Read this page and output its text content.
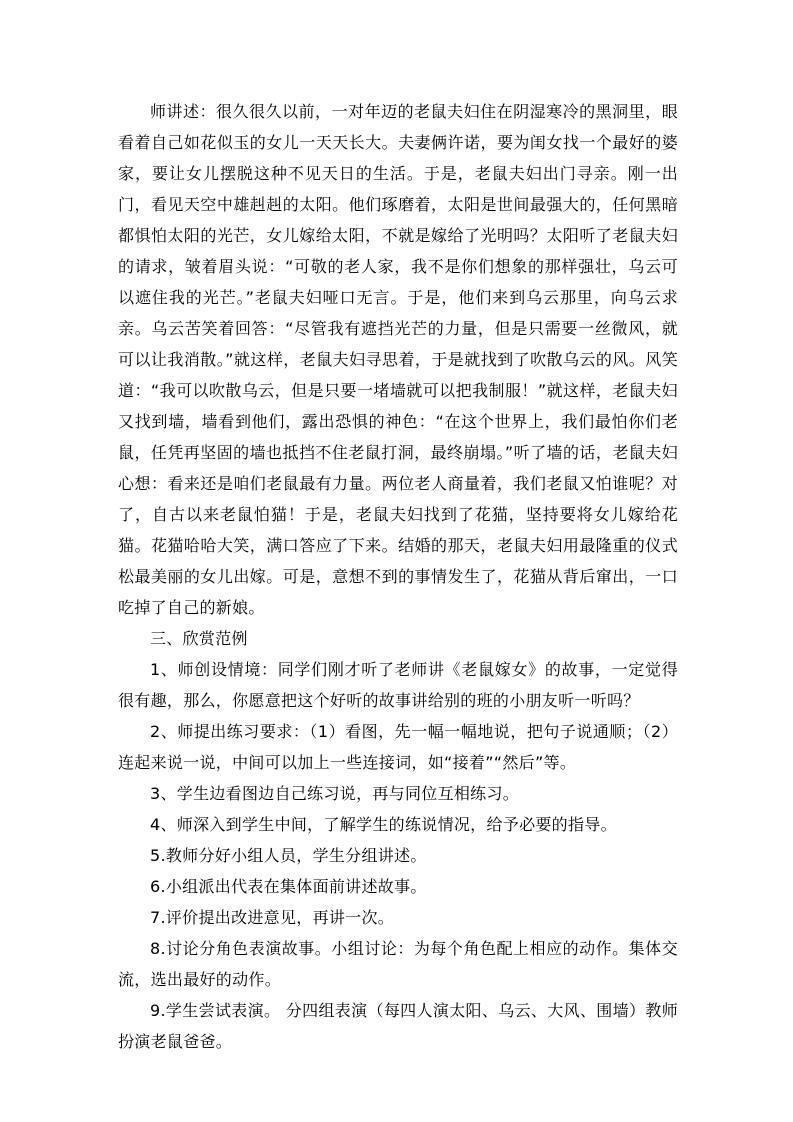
师讲述：很久很久以前，一对年迈的老鼠夫妇住在阴湿寒冷的黑洞里，眼看着自己如花似玉的女儿一天天长大。夫妻俩许诺，要为闺女找一个最好的婆家，要让女儿摆脱这种不见天日的生活。于是，老鼠夫妇出门寻亲。刚一出门，看见天空中雄赳赳的太阳。他们琢磨着，太阳是世间最强大的，任何黑暗都惧怕太阳的光芒，女儿嫁给太阳，不就是嫁给了光明吗？太阳听了老鼠夫妇的请求，皱着眉头说：“可敬的老人家，我不是你们想象的那样强壮，乌云可以遮住我的光芒。”老鼠夫妇哑口无言。于是，他们来到乌云那里，向乌云求亲。乌云苦笑着回答：“尽管我有遮挡光芒的力量，但是只需要一丝微风，就可以让我消散。”就这样，老鼠夫妇寻思着，于是就找到了吹散乌云的风。风笑道：“我可以吹散乌云，但是只要一堵墙就可以把我制服！”就这样，老鼠夫妇又找到墙，墙看到他们，露出恐惧的神色：“在这个世界上，我们最怕你们老鼠，任凭再坚固的墙也抵挡不住老鼠打洞，最终崩塌。”听了墙的话，老鼠夫妇心想：看来还是咱们老鼠最有力量。两位老人商量着，我们老鼠又怕谁呢？对了，自古以来老鼠怕猫！于是，老鼠夫妇找到了花猫，坚持要将女儿嫁给花猫。花猫哈哈大笑，满口答应了下来。结婚的那天，老鼠夫妇用最隆重的仪式松最美丽的女儿出嫁。可是，意想不到的事情发生了，花猫从背后窜出，一口吃掉了自己的新娘。

三、欣赏范例

1、师创设情境：同学们刚才听了老师讲《老鼠嫁女》的故事，一定觉得很有趣，那么，你愿意把这个好听的故事讲给别的班的小朋友听一听吗？

2、师提出练习要求：（1）看图，先一幅一幅地说，把句子说通顺；（2）连起来说一说，中间可以加上一些连接词，如“接着”“然后”等。

3、学生边看图边自己练习说，再与同位互相练习。

4、师深入到学生中间，了解学生的练说情况，给予必要的指导。

5.教师分好小组人员，学生分组讲述。

6.小组派出代表在集体面前讲述故事。

7.评价提出改进意见，再讲一次。

8.讨论分角色表演故事。小组讨论：为每个角色配上相应的动作。集体交流，选出最好的动作。

9.学生尝试表演。 分四组表演（每四人演太阳、乌云、大风、围墙）教师扮演老鼠爸爸。
